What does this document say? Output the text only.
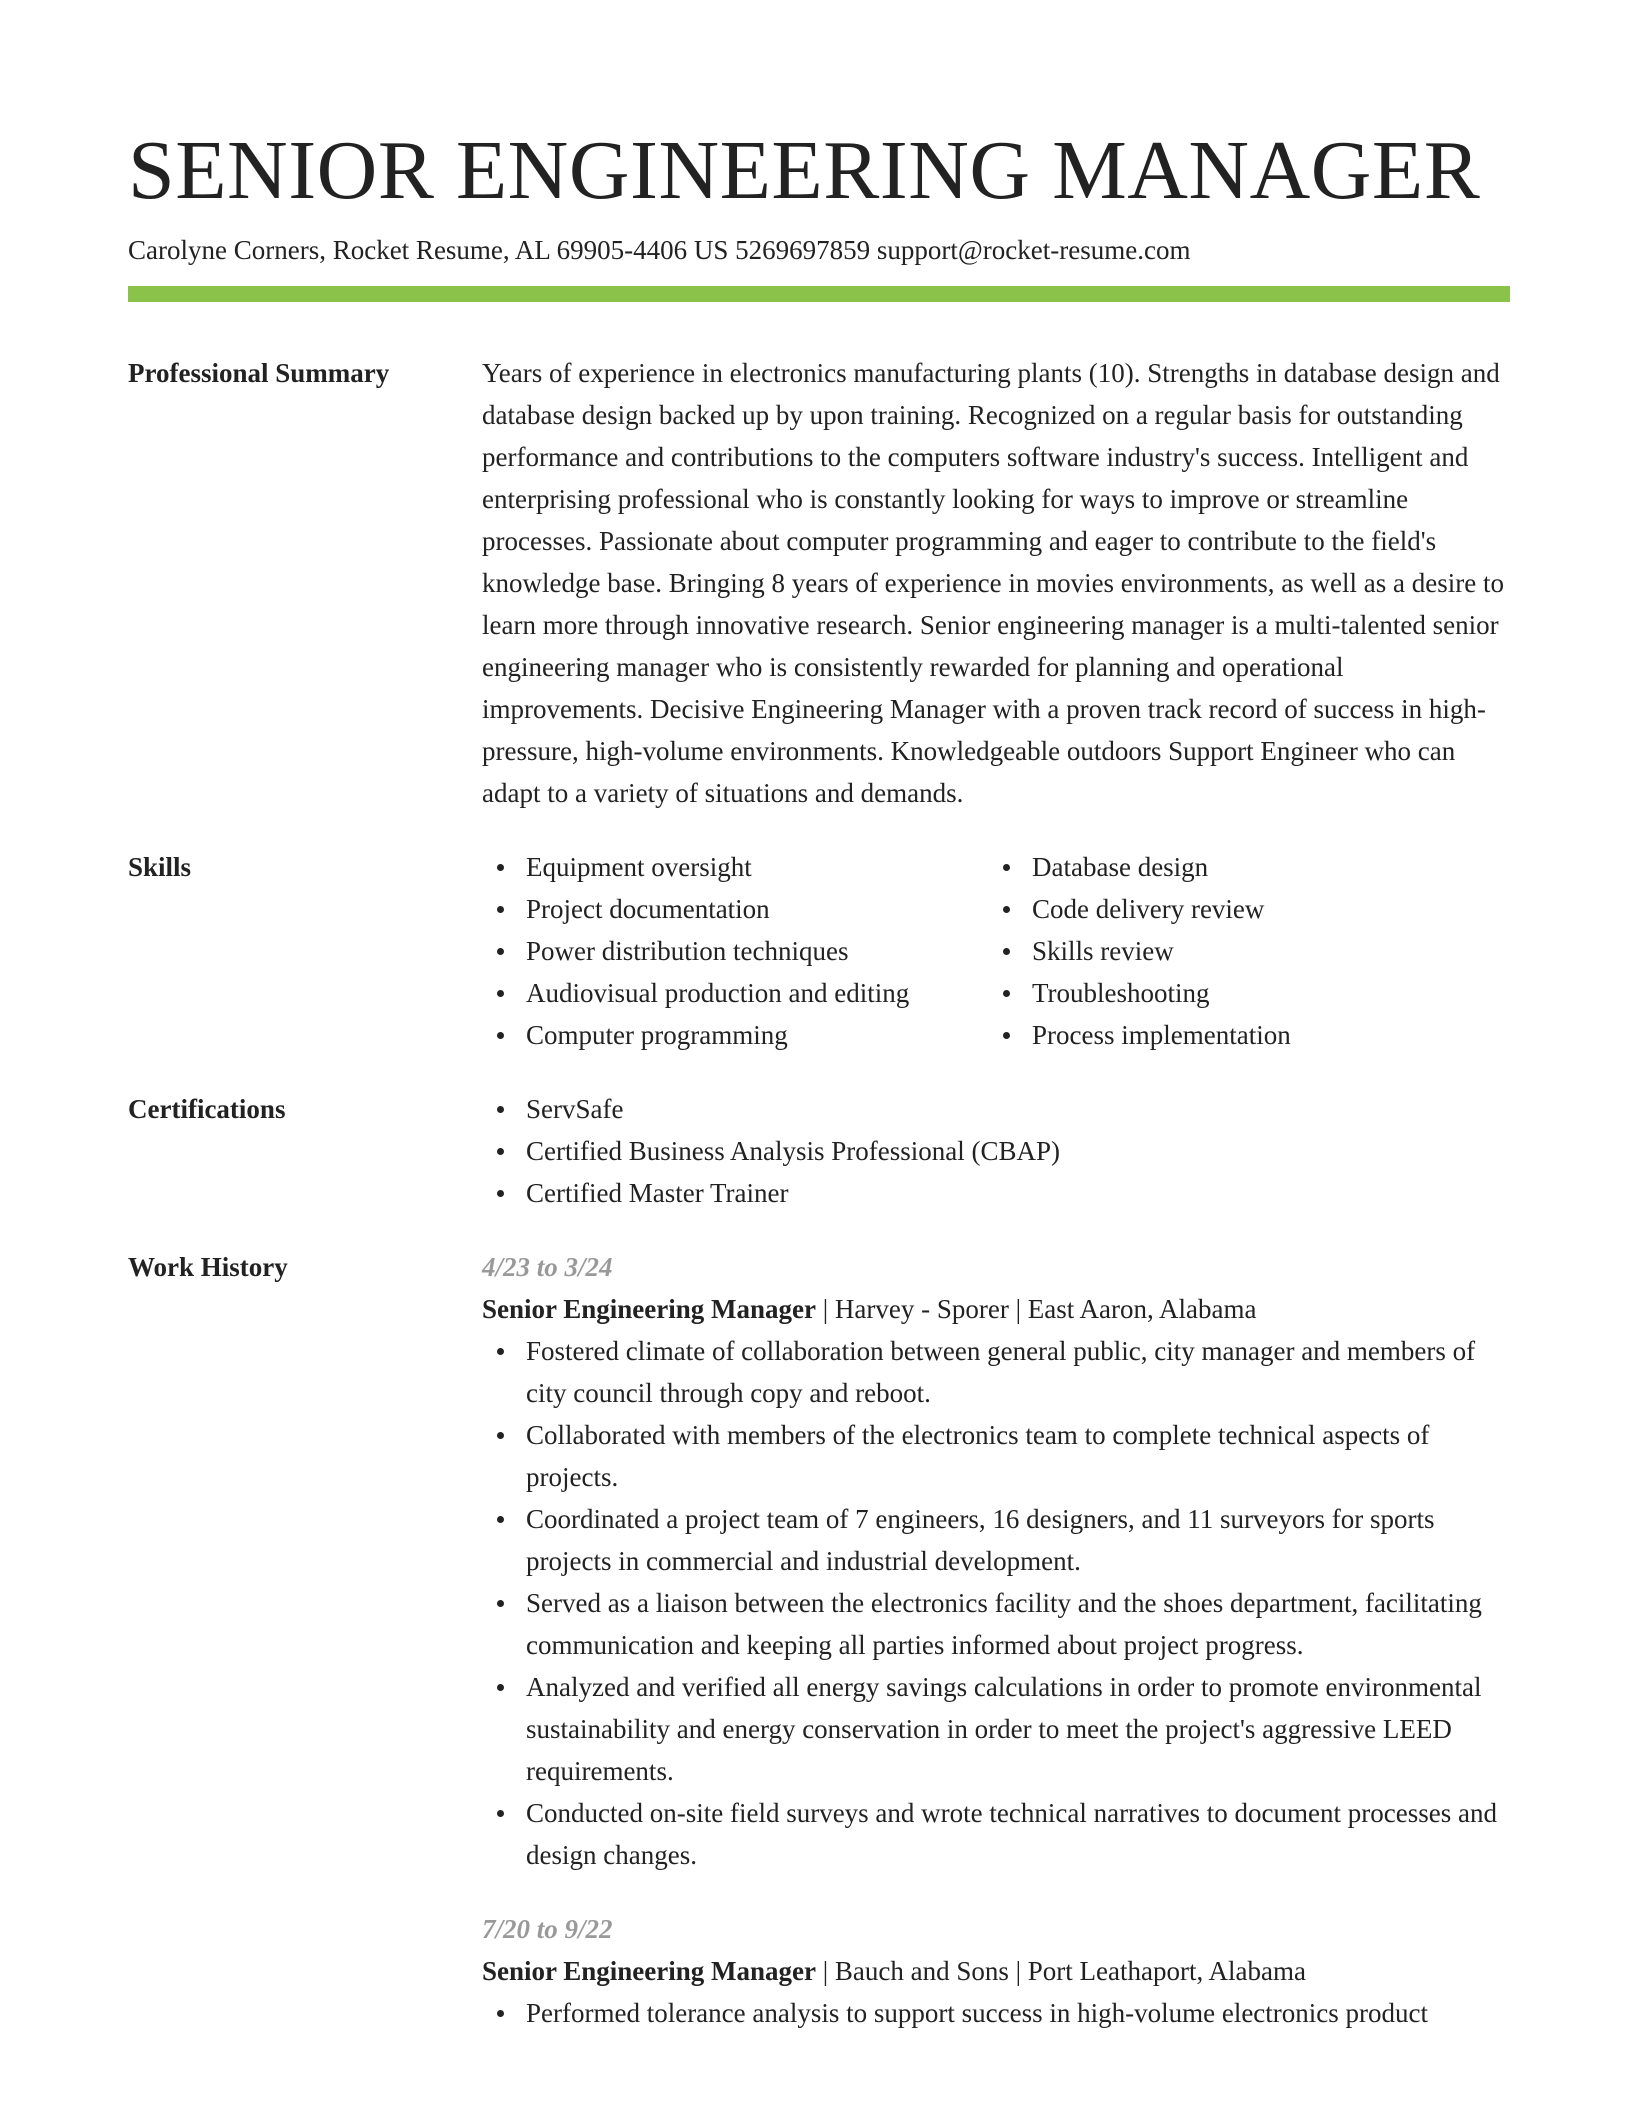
SENIOR ENGINEERING MANAGER
Carolyne Corners, Rocket Resume, AL 69905-4406 US 5269697859 support@rocket-resume.com
Professional Summary	Years of experience in electronics manufacturing plants (10). Strengths in database design and database design backed up by upon training. Recognized on a regular basis for outstanding performance and contributions to the computers software industry's success. Intelligent and enterprising professional who is constantly looking for ways to improve or streamline processes. Passionate about computer programming and eager to contribute to the field's knowledge base. Bringing 8 years of experience in movies environments, as well as a desire to learn more through innovative research. Senior engineering manager is a multi-talented senior engineering manager who is consistently rewarded for planning and operational improvements. Decisive Engineering Manager with a proven track record of success in high-pressure, high-volume environments. Knowledgeable outdoors Support Engineer who can adapt to a variety of situations and demands.

Skills	Equipment oversight
Project documentation
Power distribution techniques
Audiovisual production and editing
Computer programming
Database design
Code delivery review
Skills review
Troubleshooting
Process implementation
Certifications	ServSafe
Certified Business Analysis Professional (CBAP)
Certified Master Trainer
Work History	4/23 to 3/24
Senior Engineering Manager | Harvey - Sporer | East Aaron, Alabama
Fostered climate of collaboration between general public, city manager and members of city council through copy and reboot.
Collaborated with members of the electronics team to complete technical aspects of projects.
Coordinated a project team of 7 engineers, 16 designers, and 11 surveyors for sports projects in commercial and industrial development.
Served as a liaison between the electronics facility and the shoes department, facilitating communication and keeping all parties informed about project progress.
Analyzed and verified all energy savings calculations in order to promote environmental sustainability and energy conservation in order to meet the project's aggressive LEED requirements.
Conducted on-site field surveys and wrote technical narratives to document processes and design changes.
7/20 to 9/22
Senior Engineering Manager | Bauch and Sons | Port Leathaport, Alabama
Performed tolerance analysis to support success in high-volume electronics product
